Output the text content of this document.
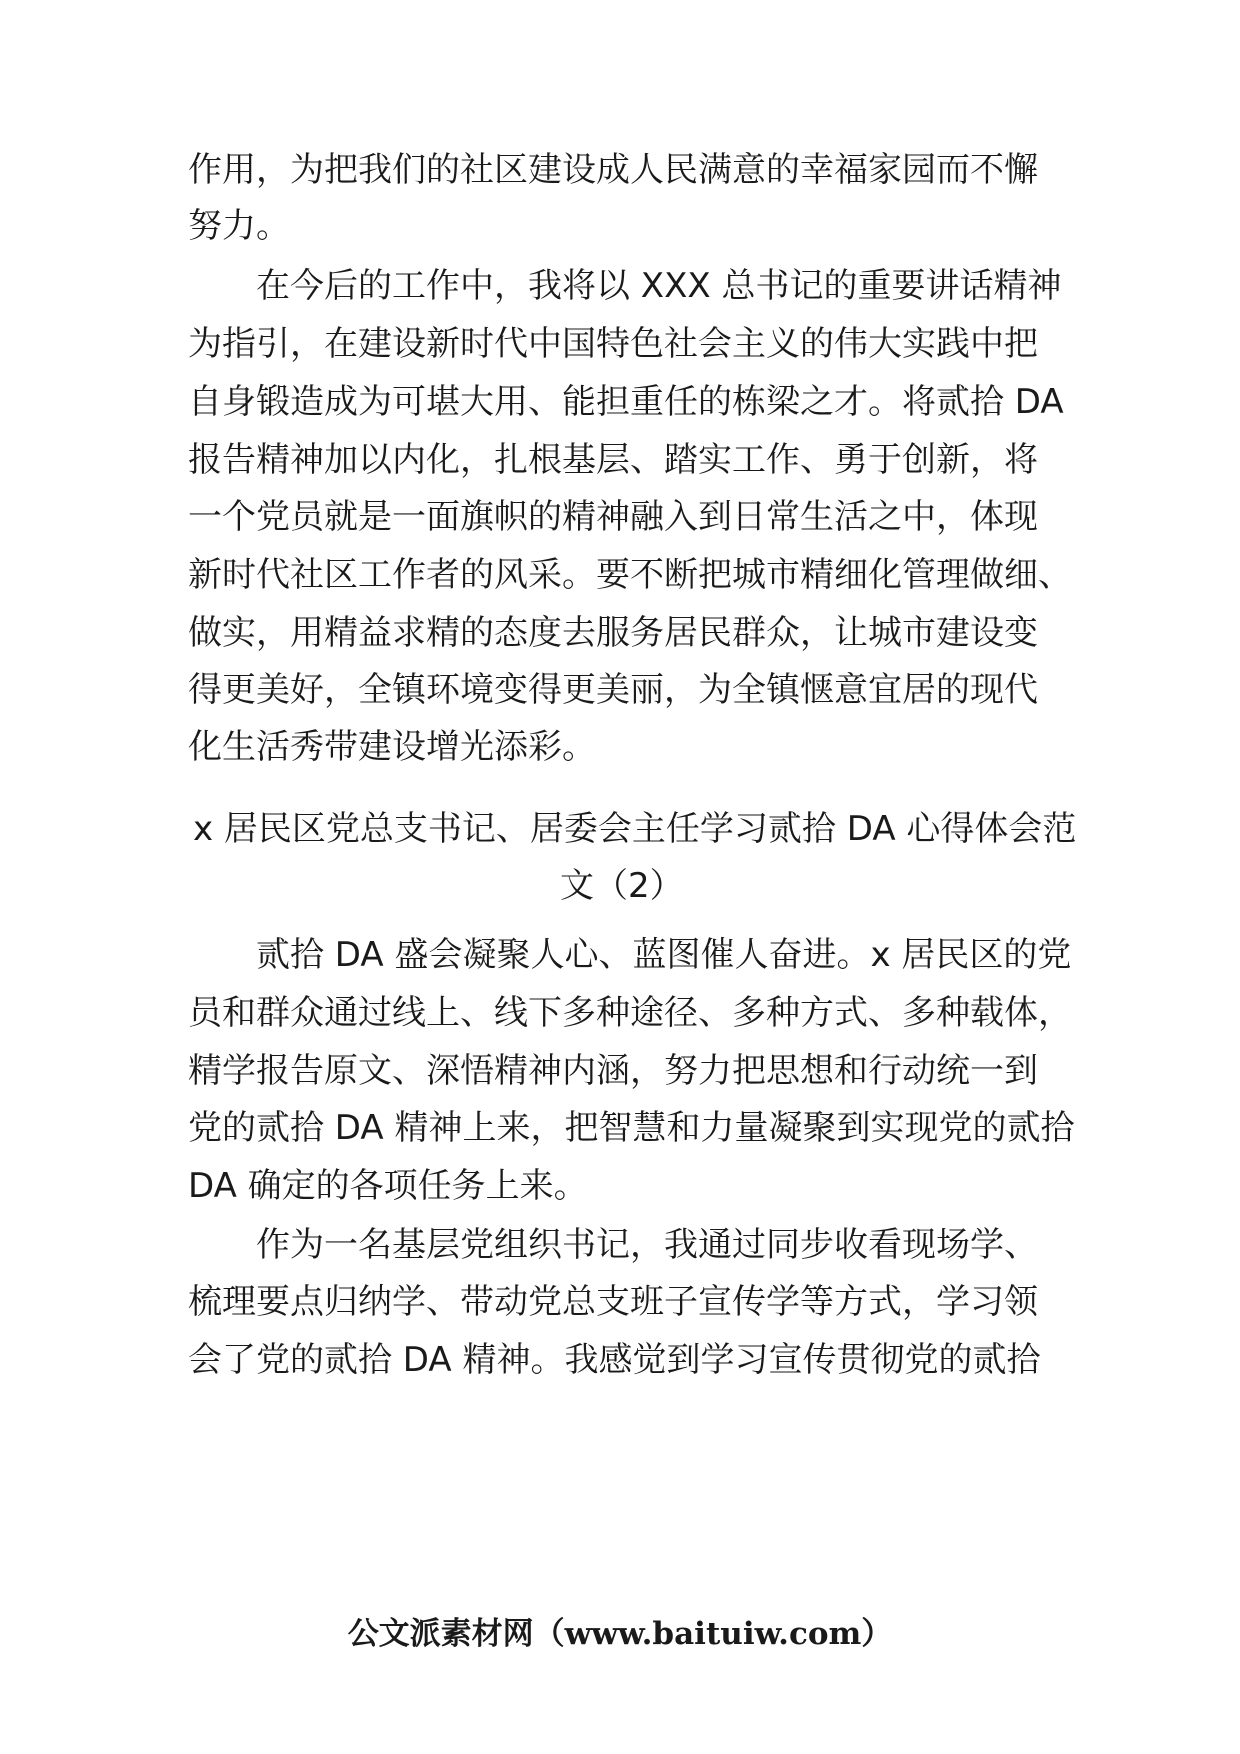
作用，为把我们的社区建设成人民满意的幸福家园而不懈
努力。
在今后的工作中，我将以 XXX 总书记的重要讲话精神
为指引，在建设新时代中国特色社会主义的伟大实践中把
自身锻造成为可堪大用、能担重任的栋梁之才。将贰拾 DA
报告精神加以内化，扎根基层、踏实工作、勇于创新，将
一个党员就是一面旗帜的精神融入到日常生活之中，体现
新时代社区工作者的风采。要不断把城市精细化管理做细、
做实，用精益求精的态度去服务居民群众，让城市建设变
得更美好，全镇环境变得更美丽，为全镇惬意宜居的现代
化生活秀带建设增光添彩。
x 居民区党总支书记、居委会主任学习贰拾 DA 心得体会范
文（2）
贰拾 DA 盛会凝聚人心、蓝图催人奋进。x 居民区的党
员和群众通过线上、线下多种途径、多种方式、多种载体，
精学报告原文、深悟精神内涵，努力把思想和行动统一到
党的贰拾 DA 精神上来，把智慧和力量凝聚到实现党的贰拾
DA 确定的各项任务上来。
作为一名基层党组织书记，我通过同步收看现场学、
梳理要点归纳学、带动党总支班子宣传学等方式，学习领
会了党的贰拾 DA 精神。我感觉到学习宣传贯彻党的贰拾
公文派素材网（www.baituiw.com）
